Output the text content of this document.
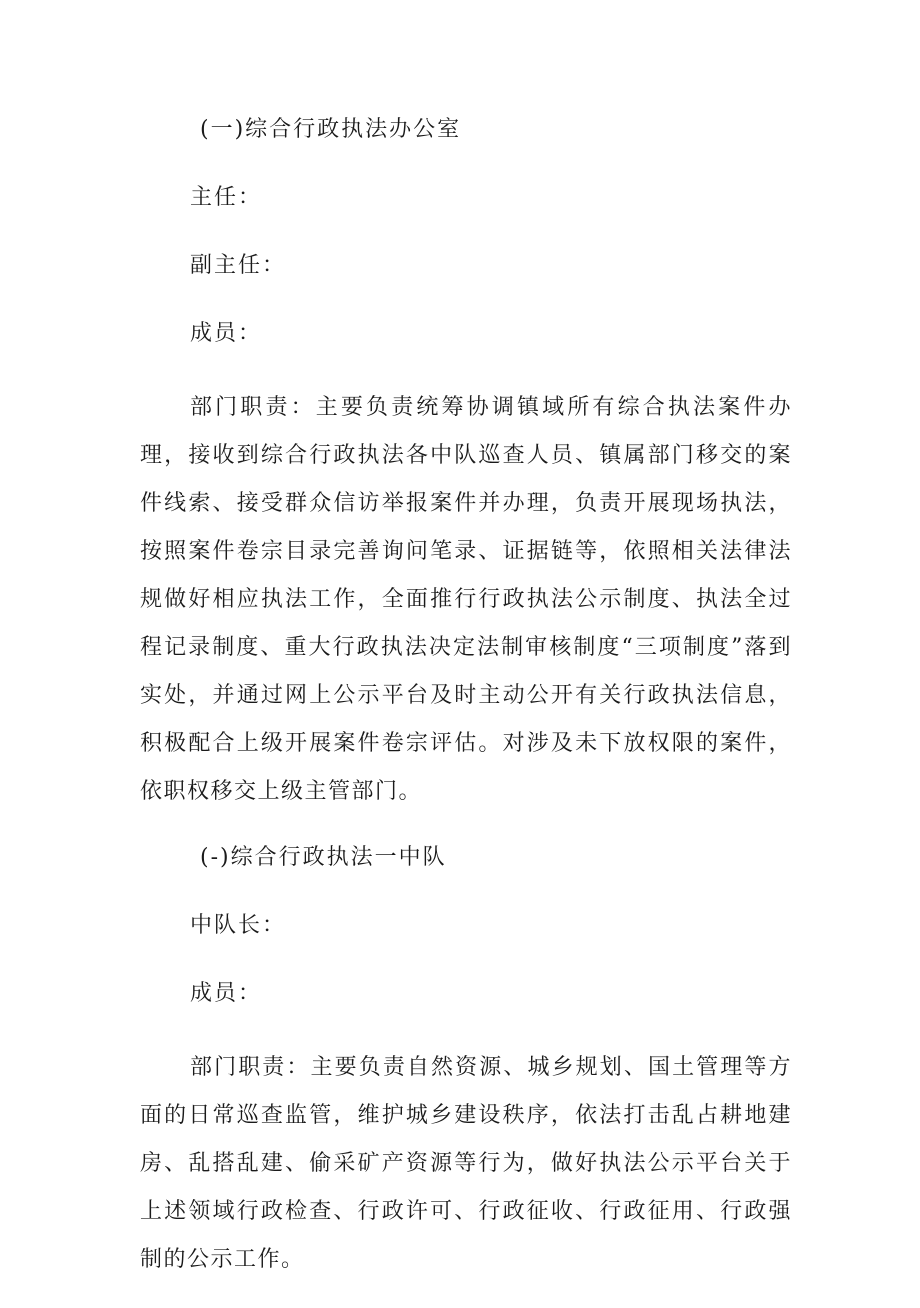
(一)综合行政执法办公室
主任：
副主任：
成员：
部门职责：主要负责统筹协调镇域所有综合执法案件办理，接收到综合行政执法各中队巡查人员、镇属部门移交的案件线索、接受群众信访举报案件并办理，负责开展现场执法，按照案件卷宗目录完善询问笔录、证据链等，依照相关法律法规做好相应执法工作，全面推行行政执法公示制度、执法全过程记录制度、重大行政执法决定法制审核制度“三项制度”落到实处，并通过网上公示平台及时主动公开有关行政执法信息，积极配合上级开展案件卷宗评估。对涉及未下放权限的案件，依职权移交上级主管部门。
(-)综合行政执法一中队
中队长：
成员：
部门职责：主要负责自然资源、城乡规划、国土管理等方面的日常巡查监管，维护城乡建设秩序，依法打击乱占耕地建房、乱搭乱建、偷采矿产资源等行为，做好执法公示平台关于上述领域行政检查、行政许可、行政征收、行政征用、行政强制的公示工作。
